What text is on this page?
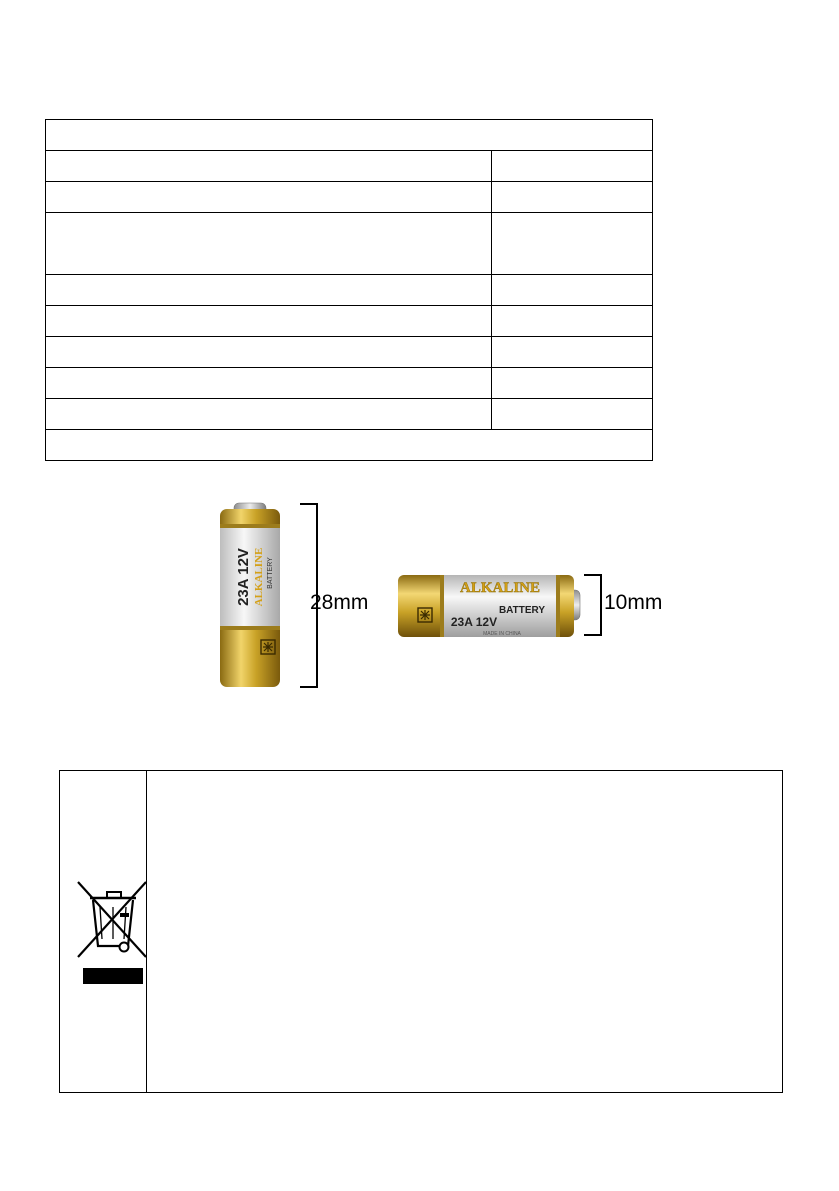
23A 12V ALKALINE BATTERY
28mm
ALKALINE
BATTERY
23A 12V
MADE IN CHINA
10mm
